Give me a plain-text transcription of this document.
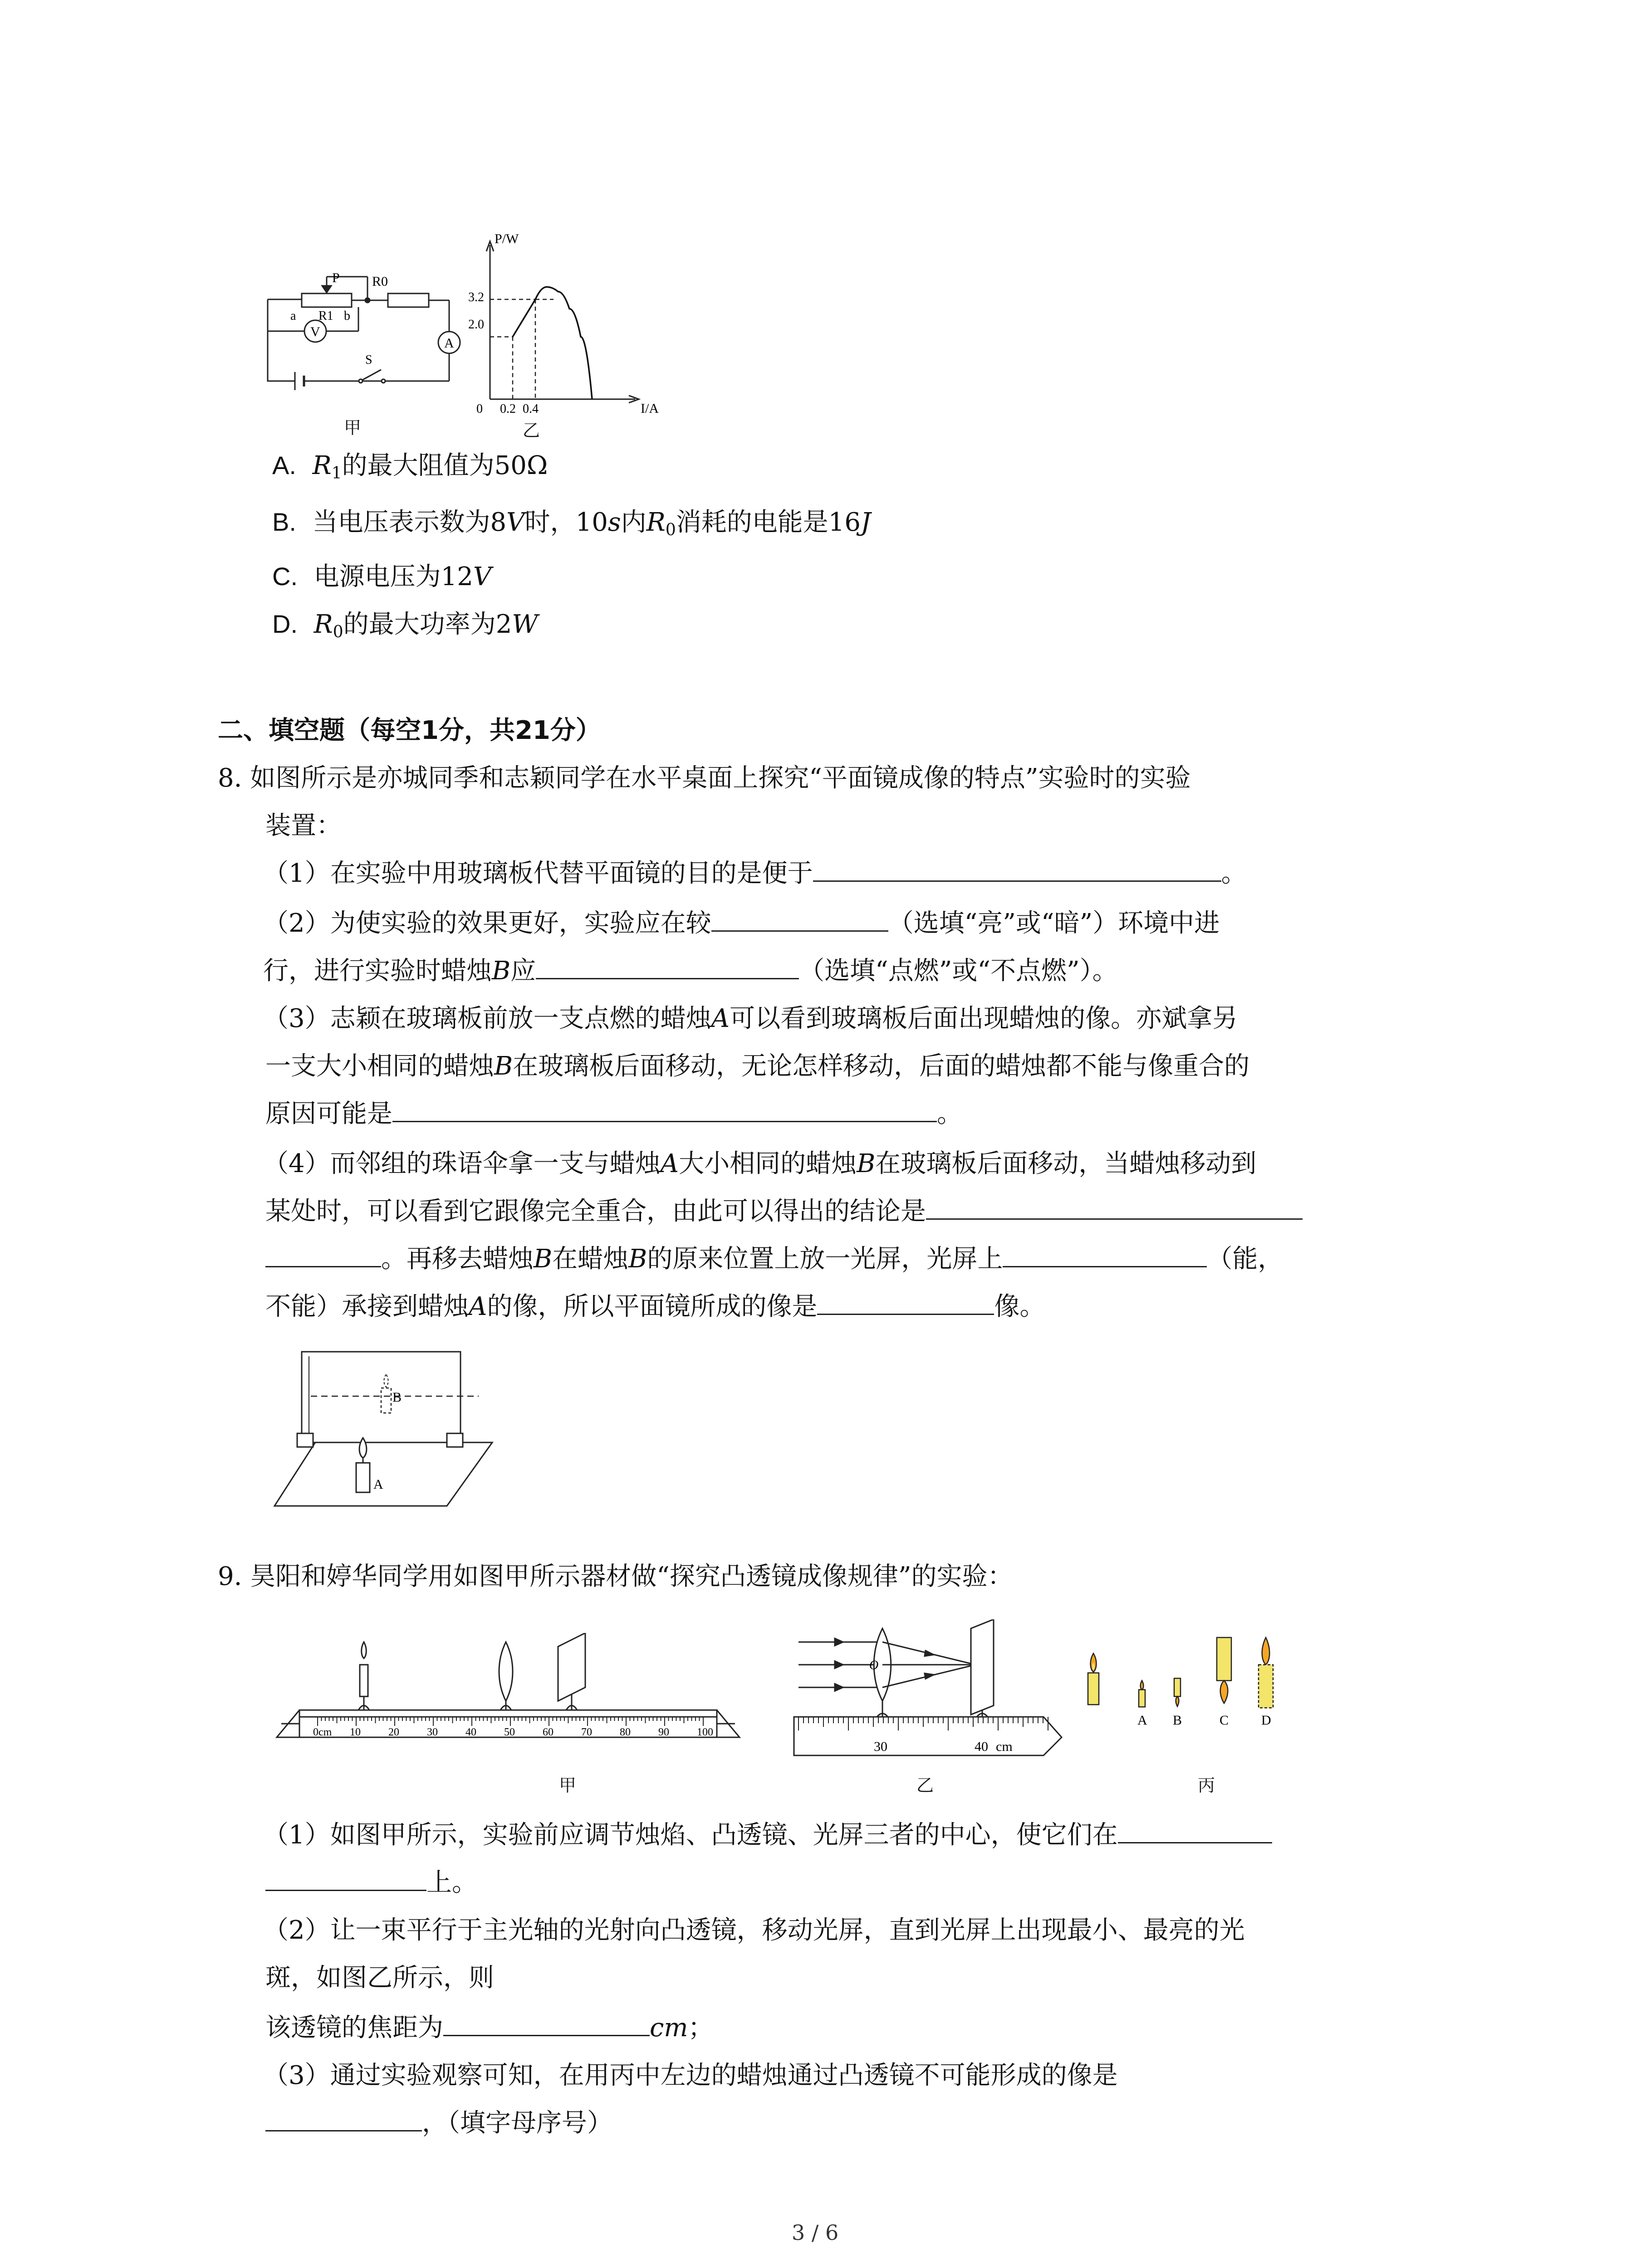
P R0
a R1 b
V
A
S
甲
P/W
I/A
3.2
2.0
0 0.2 0.4
乙
A. $R_1$的最大阻值为50Ω
B. 当电压表示数为8V时，10s内$R_0$消耗的电能是16J
C. 电源电压为12V
D. $R_0$的最大功率为2W
二、填空题（每空1分，共21分）
8. 如图所示是亦城同季和志颖同学在水平桌面上探究“平面镜成像的特点”实验时的实验
装置：
（1）在实验中用玻璃板代替平面镜的目的是便于	。
（2）为使实验的效果更好，实验应在较	（选填“亮”或“暗”）环境中进
行，进行实验时蜡烛B应	（选填“点燃”或“不点燃”）。
（3）志颖在玻璃板前放一支点燃的蜡烛A可以看到玻璃板后面出现蜡烛的像。亦斌拿另
一支大小相同的蜡烛B在玻璃板后面移动，无论怎样移动，后面的蜡烛都不能与像重合的
原因可能是	。
（4）而邻组的珠语伞拿一支与蜡烛A大小相同的蜡烛B在玻璃板后面移动，当蜡烛移动到
某处时，可以看到它跟像完全重合，由此可以得出的结论是
。再移去蜡烛B在蜡烛B的原来位置上放一光屏，光屏上	（能，
不能）承接到蜡烛A的像，所以平面镜所成的像是	像。
B
A
9. 昊阳和婷华同学用如图甲所示器材做“探究凸透镜成像规律”的实验：
0cm 10	20	30	40	50	60	70	80	90	100
甲
O
30	40 cm
乙
A B	C D
丙
（1）如图甲所示，实验前应调节烛焰、凸透镜、光屏三者的中心，使它们在
上。
（2）让一束平行于主光轴的光射向凸透镜，移动光屏，直到光屏上出现最小、最亮的光
斑，如图乙所示，则
该透镜的焦距为	cm；
（3）通过实验观察可知，在用丙中左边的蜡烛通过凸透镜不可能形成的像是
，（填字母序号）
3 / 6
